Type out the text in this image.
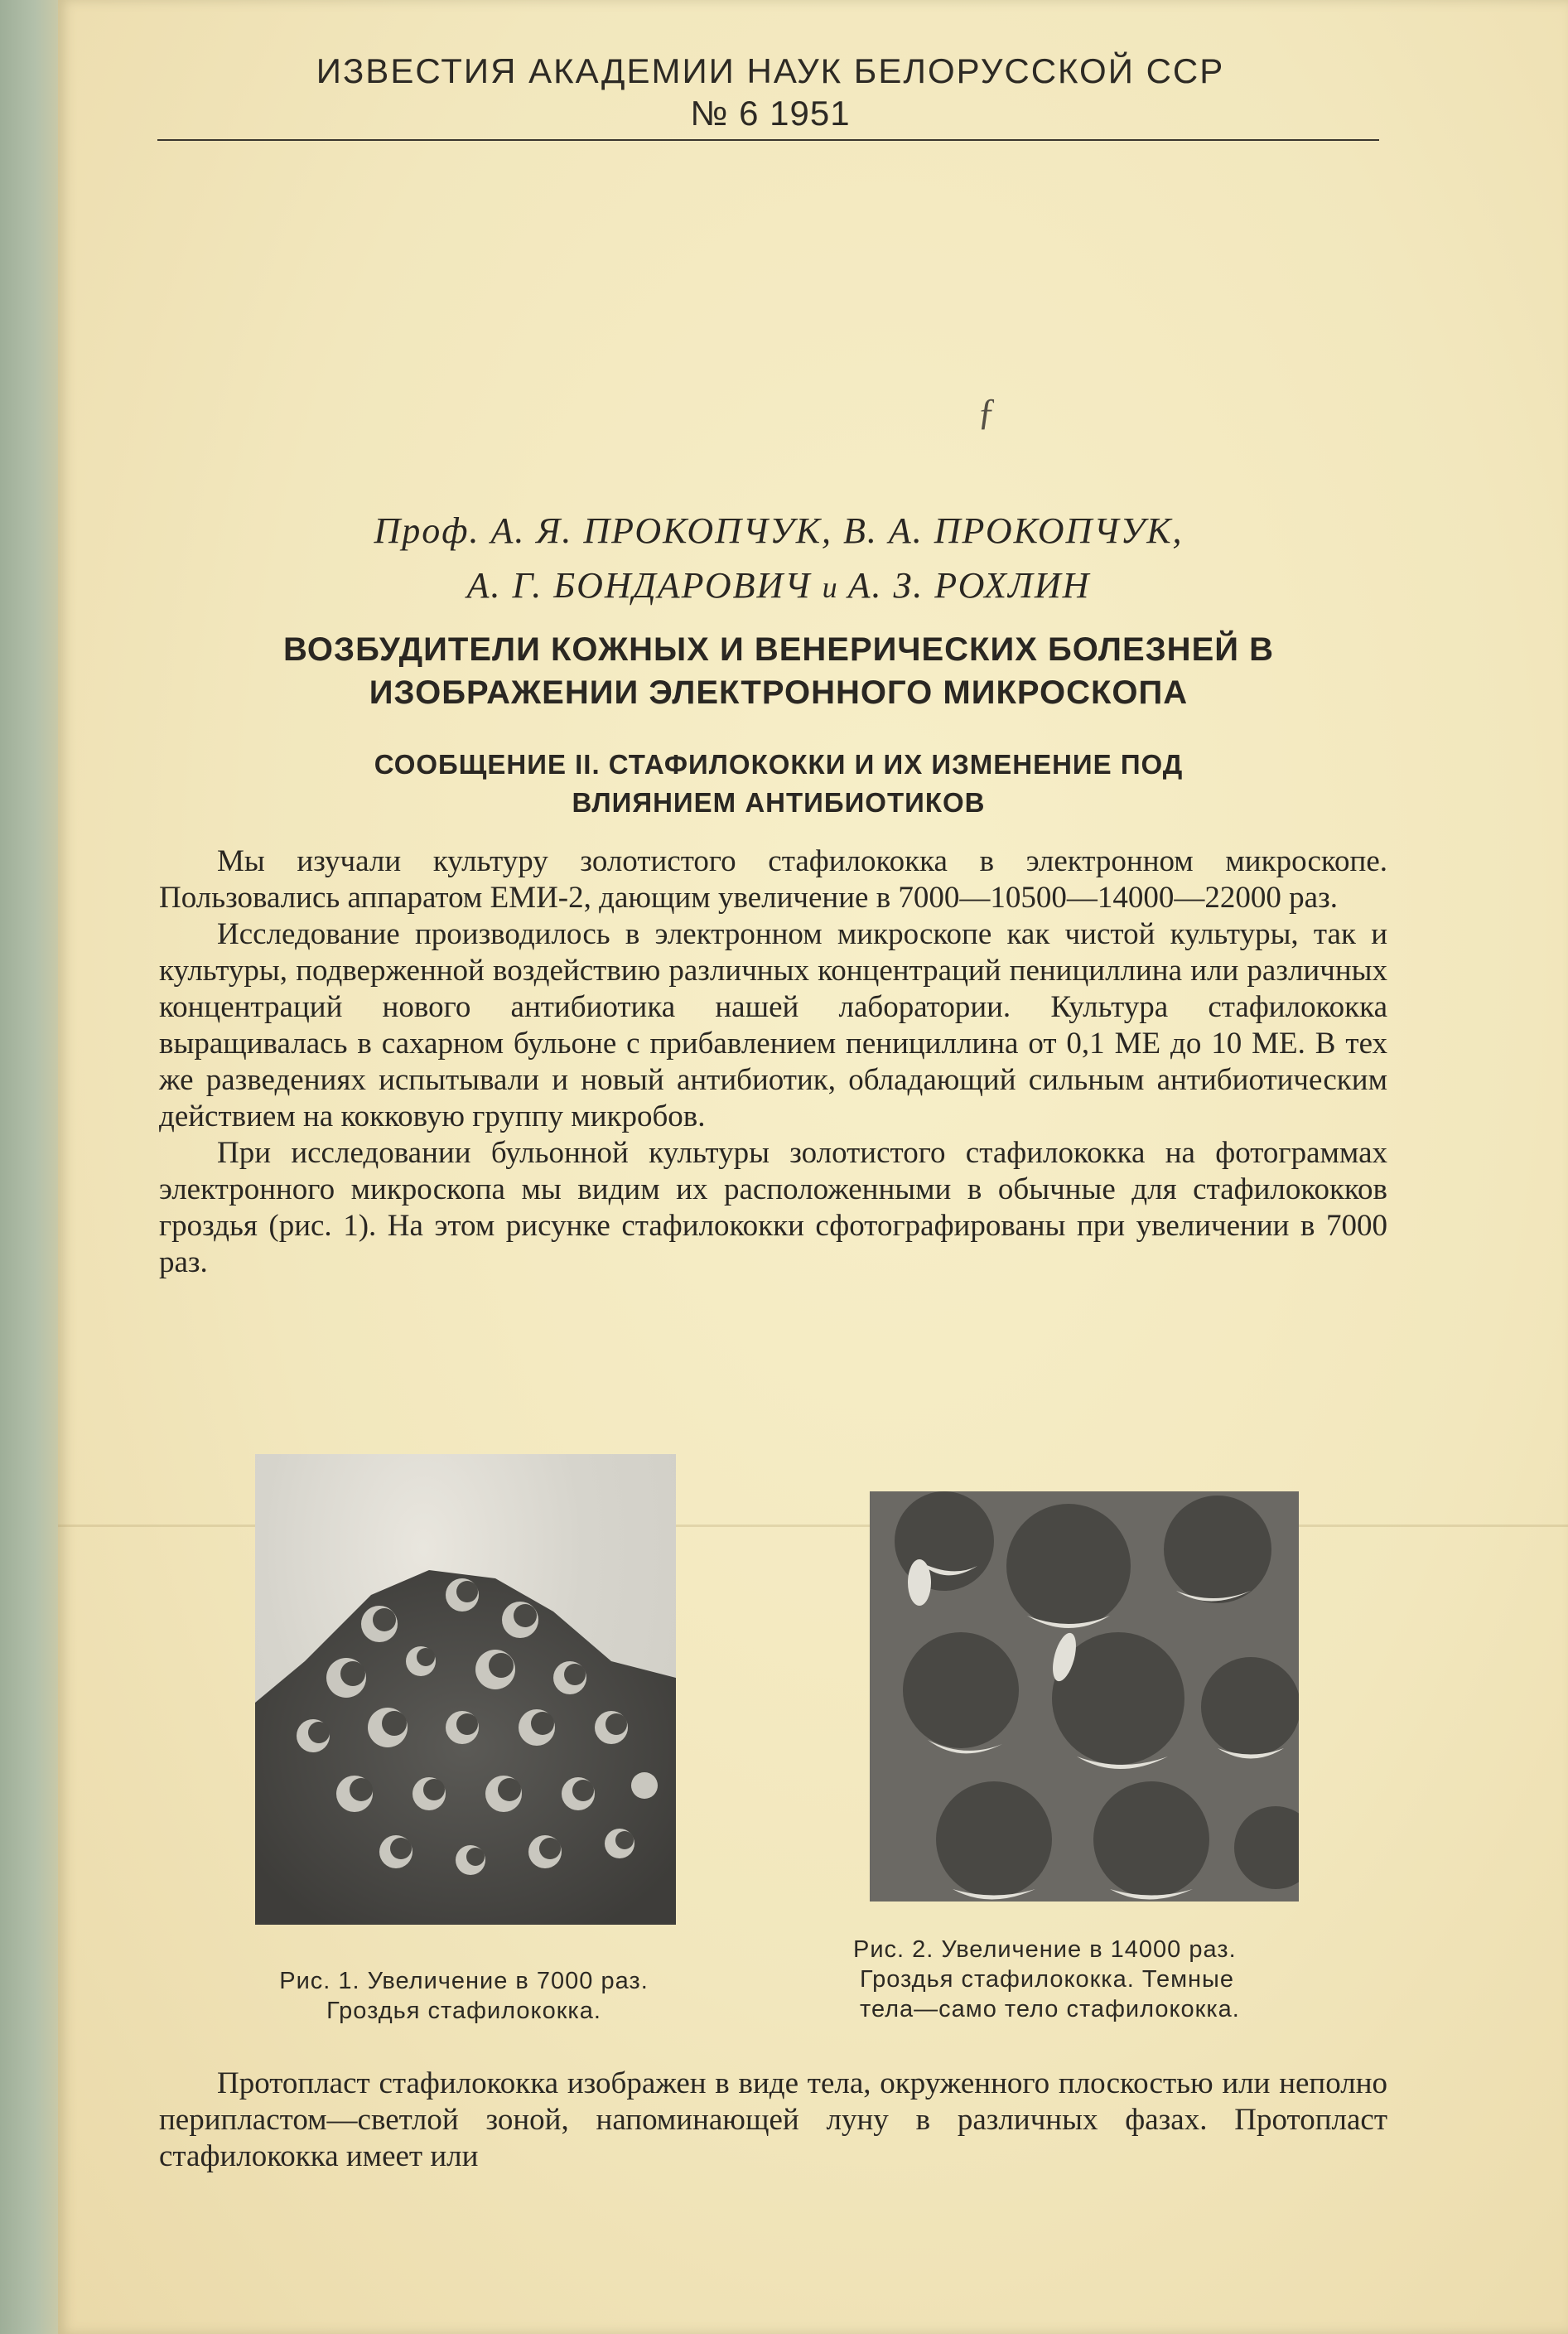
ИЗВЕСТИЯ АКАДЕМИИ НАУК БЕЛОРУССКОЙ ССР
№ 6 1951
ƒ
Проф. А. Я. ПРОКОПЧУК, В. А. ПРОКОПЧУК,
А. Г. БОНДАРОВИЧ и А. З. РОХЛИН
ВОЗБУДИТЕЛИ КОЖНЫХ И ВЕНЕРИЧЕСКИХ БОЛЕЗНЕЙ В
ИЗОБРАЖЕНИИ ЭЛЕКТРОННОГО МИКРОСКОПА
СООБЩЕНИЕ II. СТАФИЛОКОККИ И ИХ ИЗМЕНЕНИЕ ПОД
ВЛИЯНИЕМ АНТИБИОТИКОВ

Мы изучали культуру золотистого стафилококка в электронном микроскопе. Пользовались аппаратом ЕМИ-2, дающим увеличение в 7000—10500—14000—22000 раз.

Исследование производилось в электронном микроскопе как чистой культуры, так и культуры, подверженной воздействию различных концентраций пенициллина или различных концентраций нового антибиотика нашей лаборатории. Культура стафилококка выращивалась в сахарном бульоне с прибавлением пенициллина от 0,1 МЕ до 10 МЕ. В тех же разведениях испытывали и новый антибиотик, обладающий сильным антибиотическим действием на кокковую группу микробов.

При исследовании бульонной культуры золотистого стафилококка на фотограммах электронного микроскопа мы видим их расположенными в обычные для стафилококков гроздья (рис. 1). На этом рисунке стафилококки сфотографированы при увеличении в 7000 раз.

Рис. 1. Увеличение в 7000 раз.
Гроздья стафилококка.
Рис. 2. Увеличение в 14000 раз.
Гроздья стафилококка. Темные
тела—само тело стафилококка.

Протопласт стафилококка изображен в виде тела, окруженного плоскостью или неполно перипластом—светлой зоной, напоминающей луну в различных фазах. Протопласт стафилококка имеет или
